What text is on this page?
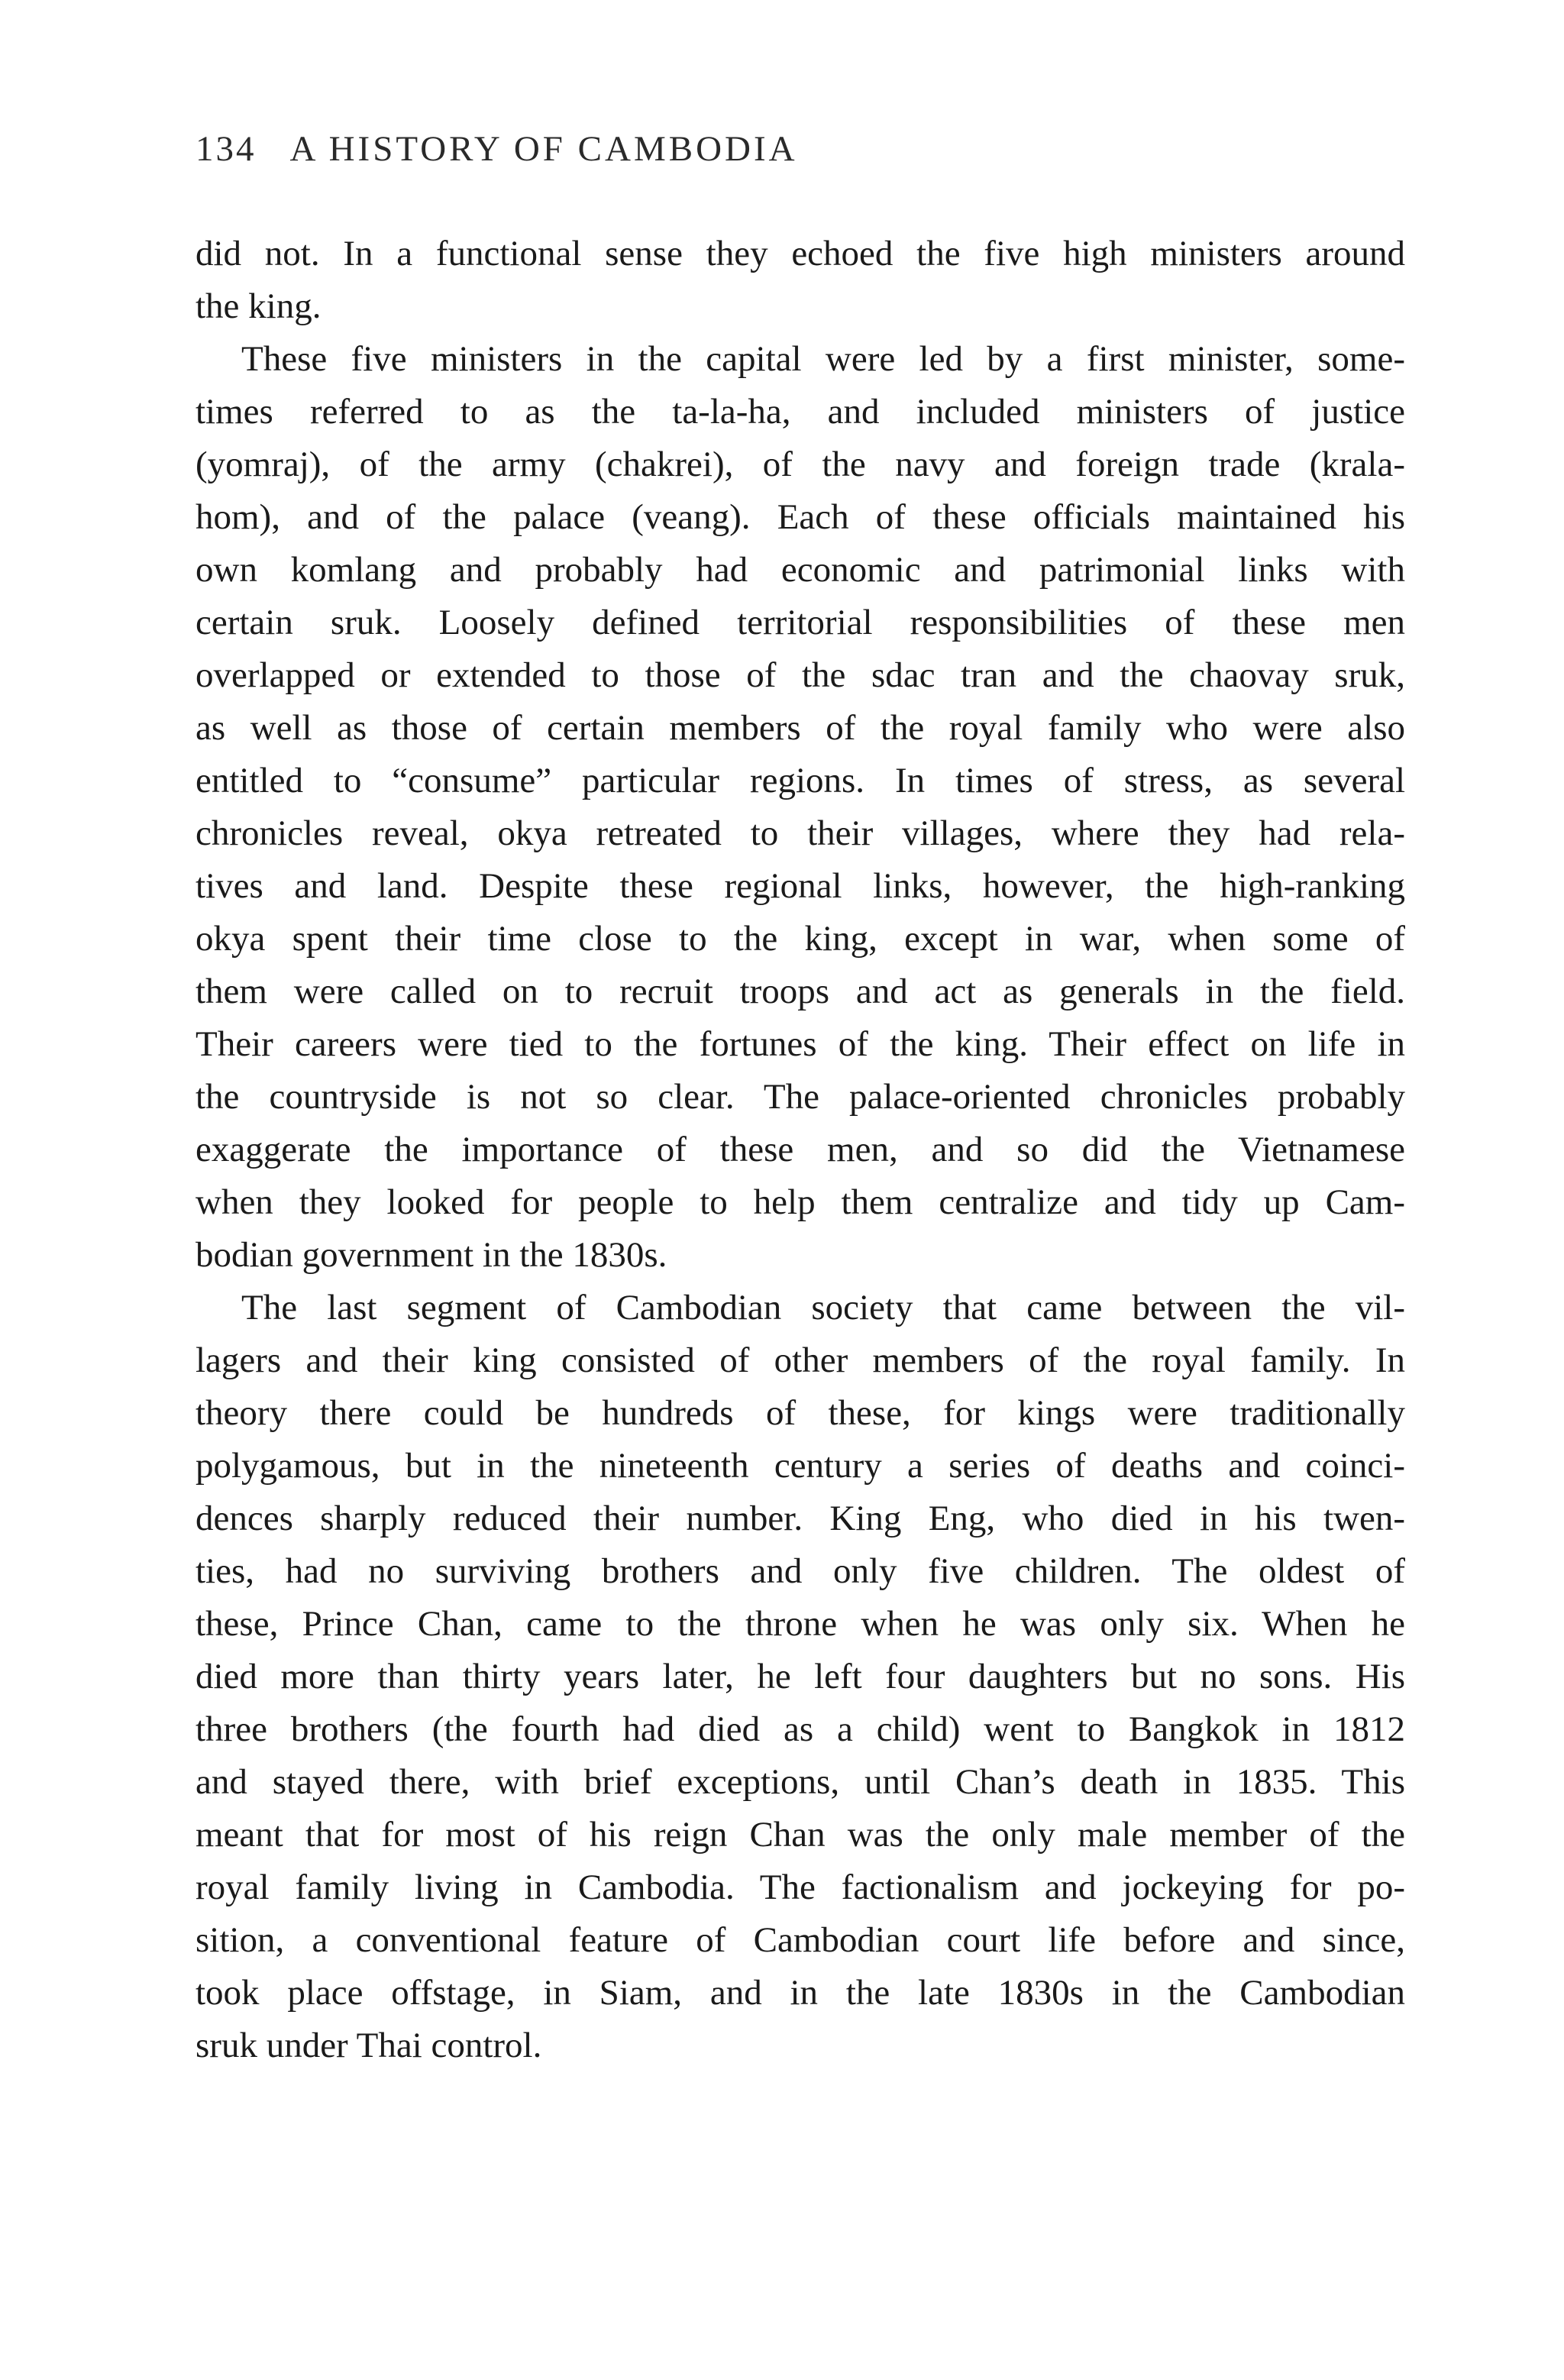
134 A HISTORY OF CAMBODIA

did not. In a functional sense they echoed the five high ministers around
the king.

These five ministers in the capital were led by a first minister, some-
times referred to as the ta-la-ha, and included ministers of justice
(yomraj), of the army (chakrei), of the navy and foreign trade (krala-
hom), and of the palace (veang). Each of these officials maintained his
own komlang and probably had economic and patrimonial links with
certain sruk. Loosely defined territorial responsibilities of these men
overlapped or extended to those of the sdac tran and the chaovay sruk,
as well as those of certain members of the royal family who were also
entitled to “consume” particular regions. In times of stress, as several
chronicles reveal, okya retreated to their villages, where they had rela-
tives and land. Despite these regional links, however, the high-ranking
okya spent their time close to the king, except in war, when some of
them were called on to recruit troops and act as generals in the field.
Their careers were tied to the fortunes of the king. Their effect on life in
the countryside is not so clear. The palace-oriented chronicles probably
exaggerate the importance of these men, and so did the Vietnamese
when they looked for people to help them centralize and tidy up Cam-
bodian government in the 1830s.

The last segment of Cambodian society that came between the vil-
lagers and their king consisted of other members of the royal family. In
theory there could be hundreds of these, for kings were traditionally
polygamous, but in the nineteenth century a series of deaths and coinci-
dences sharply reduced their number. King Eng, who died in his twen-
ties, had no surviving brothers and only five children. The oldest of
these, Prince Chan, came to the throne when he was only six. When he
died more than thirty years later, he left four daughters but no sons. His
three brothers (the fourth had died as a child) went to Bangkok in 1812
and stayed there, with brief exceptions, until Chan’s death in 1835. This
meant that for most of his reign Chan was the only male member of the
royal family living in Cambodia. The factionalism and jockeying for po-
sition, a conventional feature of Cambodian court life before and since,
took place offstage, in Siam, and in the late 1830s in the Cambodian
sruk under Thai control.
